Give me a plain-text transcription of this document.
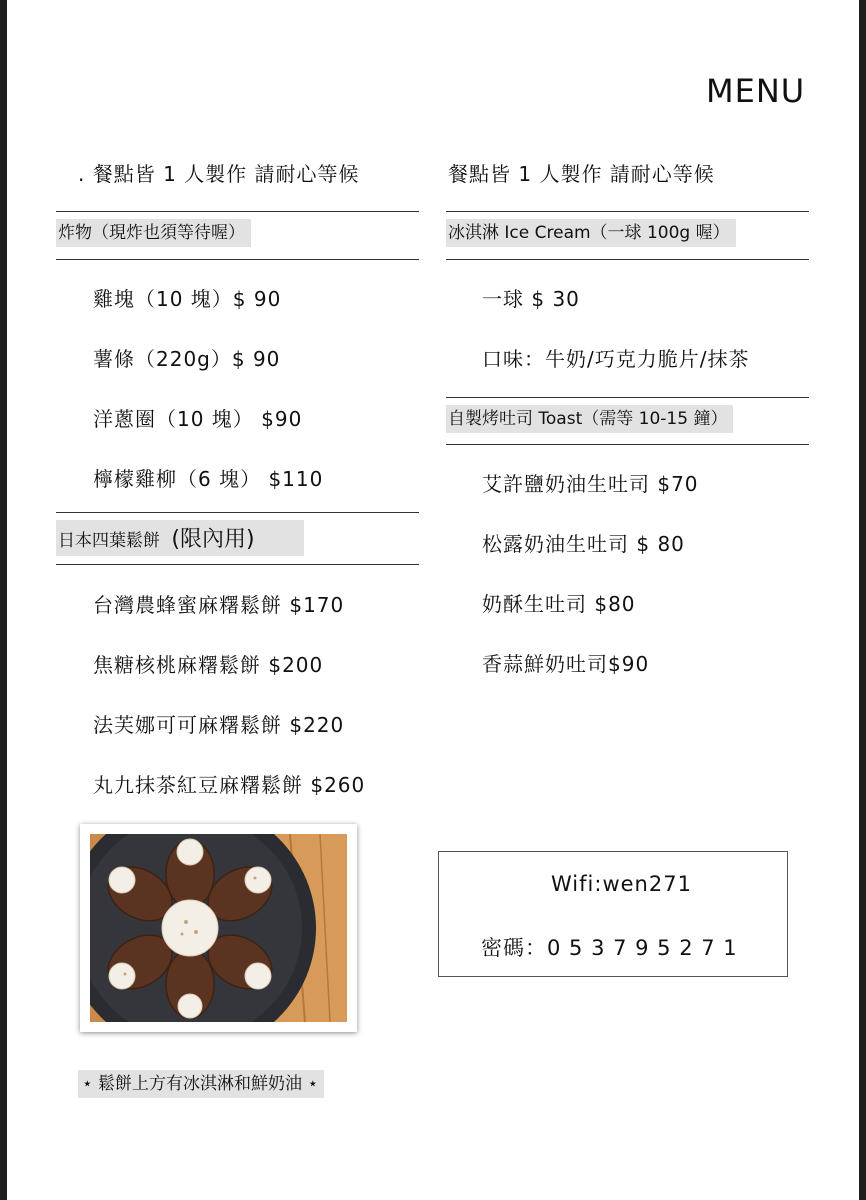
MENU
. 餐點皆 1 人製作 請耐心等候
炸物（現炸也須等待喔）
雞塊（10 塊）$ 90
薯條（220g）$ 90
洋蔥圈（10 塊） $90
檸檬雞柳（6 塊） $110
日本四葉鬆餅 (限內用)
台灣農蜂蜜麻糬鬆餅 $170
焦糖核桃麻糬鬆餅 $200
法芙娜可可麻糬鬆餅 $220
丸九抹茶紅豆麻糬鬆餅 $260
⋆ 鬆餅上方有冰淇淋和鮮奶油 ⋆
餐點皆 1 人製作 請耐心等候
冰淇淋 Ice Cream（一球 100g 喔）
一球 $ 30
口味：牛奶/巧克力脆片/抹茶
自製烤吐司 Toast（需等 10-15 鐘）
艾許鹽奶油生吐司 $70
松露奶油生吐司 $ 80
奶酥生吐司 $80
香蒜鮮奶吐司$90
Wifi:wen271
密碼：0 5 3 7 9 5 2 7 1
